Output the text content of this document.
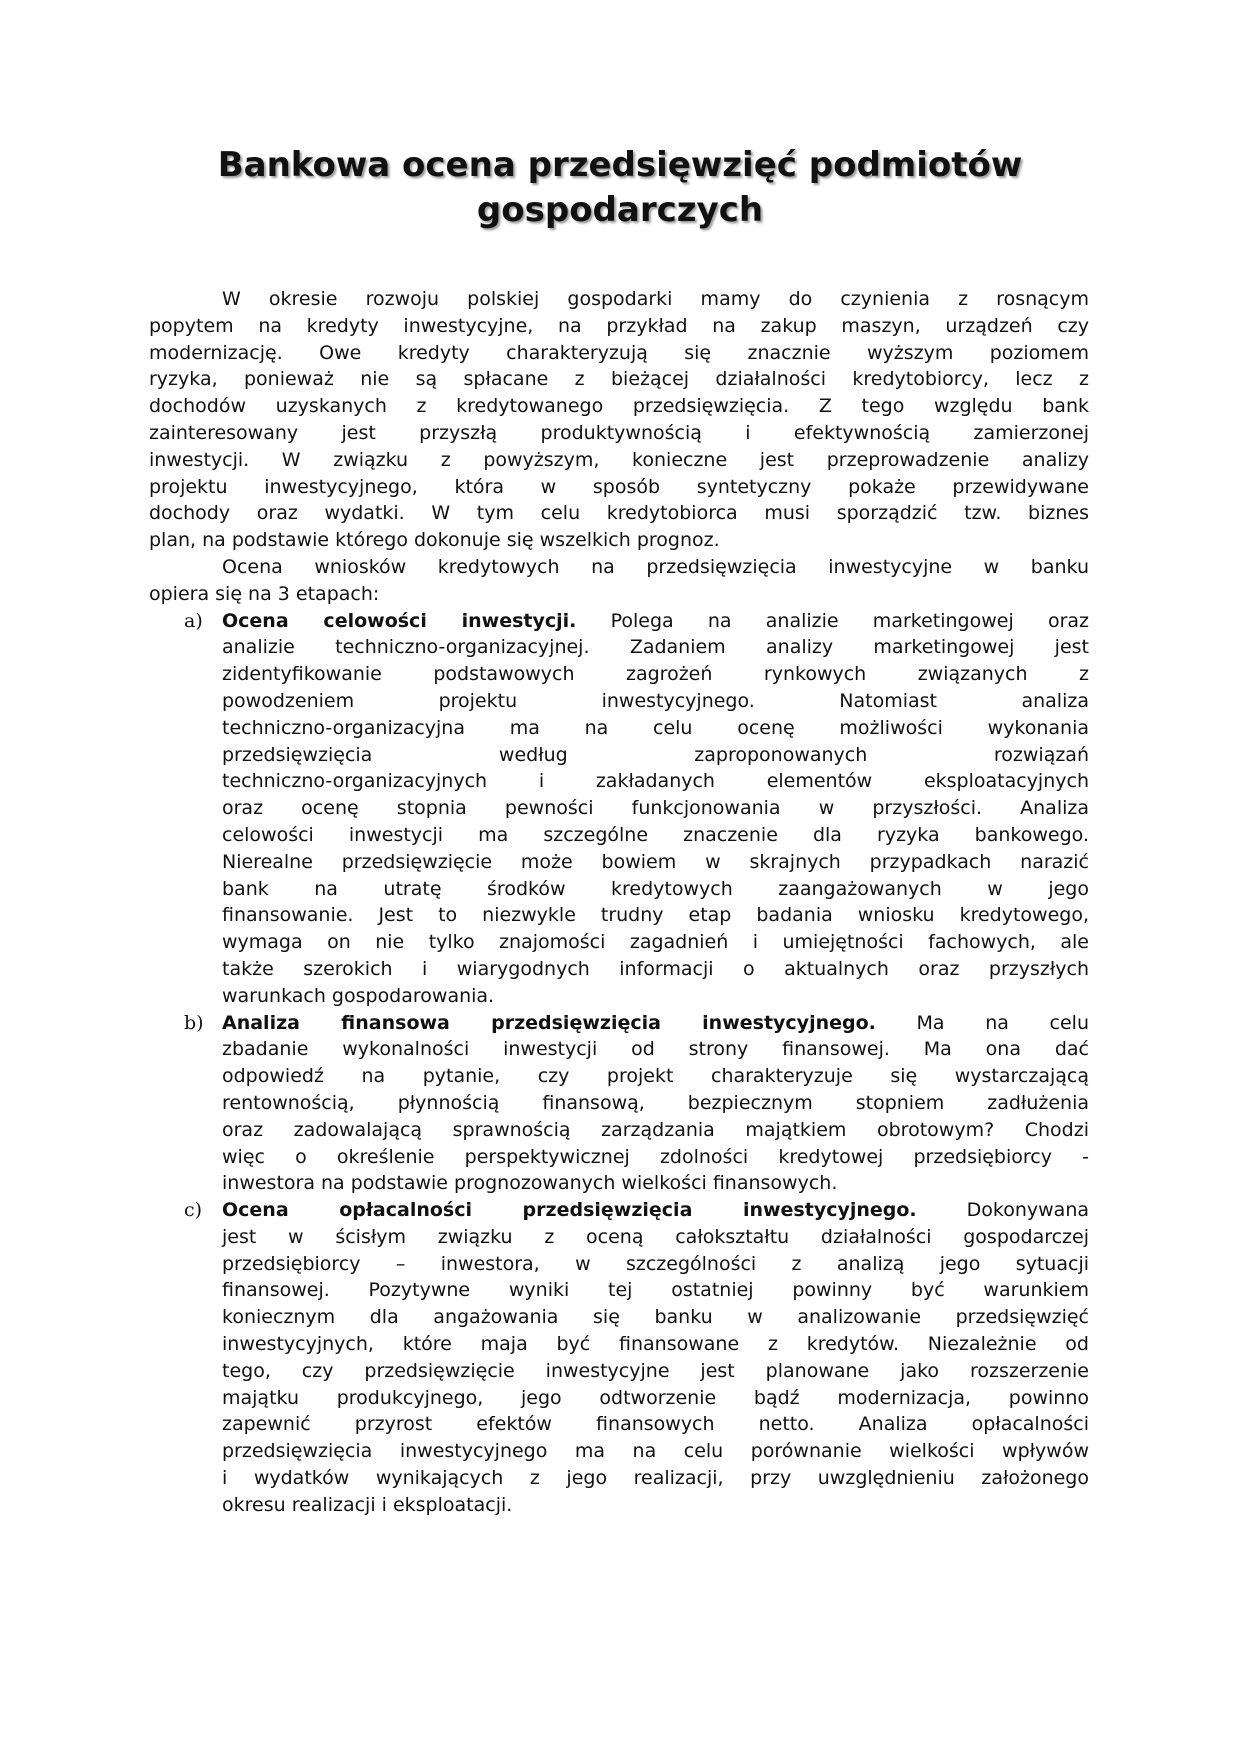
Bankowa ocena przedsięwzięć podmiotów
gospodarczych
W okresie rozwoju polskiej gospodarki mamy do czynienia z rosnącym
popytem na kredyty inwestycyjne, na przykład na zakup maszyn, urządzeń czy
modernizację. Owe kredyty charakteryzują się znacznie wyższym poziomem
ryzyka, ponieważ nie są spłacane z bieżącej działalności kredytobiorcy, lecz z
dochodów uzyskanych z kredytowanego przedsięwzięcia. Z tego względu bank
zainteresowany jest przyszłą produktywnością i efektywnością zamierzonej
inwestycji. W związku z powyższym, konieczne jest przeprowadzenie analizy
projektu inwestycyjnego, która w sposób syntetyczny pokaże przewidywane
dochody oraz wydatki. W tym celu kredytobiorca musi sporządzić tzw. biznes
plan, na podstawie którego dokonuje się wszelkich prognoz.
Ocena wniosków kredytowych na przedsięwzięcia inwestycyjne w banku
opiera się na 3 etapach:
a) Ocena celowości inwestycji. Polega na analizie marketingowej oraz
analizie techniczno-organizacyjnej. Zadaniem analizy marketingowej jest
zidentyfikowanie podstawowych zagrożeń rynkowych związanych z
powodzeniem projektu inwestycyjnego. Natomiast analiza
techniczno-organizacyjna ma na celu ocenę możliwości wykonania
przedsięwzięcia według zaproponowanych rozwiązań
techniczno-organizacyjnych i zakładanych elementów eksploatacyjnych
oraz ocenę stopnia pewności funkcjonowania w przyszłości. Analiza
celowości inwestycji ma szczególne znaczenie dla ryzyka bankowego.
Nierealne przedsięwzięcie może bowiem w skrajnych przypadkach narazić
bank na utratę środków kredytowych zaangażowanych w jego
finansowanie. Jest to niezwykle trudny etap badania wniosku kredytowego,
wymaga on nie tylko znajomości zagadnień i umiejętności fachowych, ale
także szerokich i wiarygodnych informacji o aktualnych oraz przyszłych
warunkach gospodarowania.
b) Analiza finansowa przedsięwzięcia inwestycyjnego. Ma na celu
zbadanie wykonalności inwestycji od strony finansowej. Ma ona dać
odpowiedź na pytanie, czy projekt charakteryzuje się wystarczającą
rentownością, płynnością finansową, bezpiecznym stopniem zadłużenia
oraz zadowalającą sprawnością zarządzania majątkiem obrotowym? Chodzi
więc o określenie perspektywicznej zdolności kredytowej przedsiębiorcy -
inwestora na podstawie prognozowanych wielkości finansowych.
c) Ocena opłacalności przedsięwzięcia inwestycyjnego. Dokonywana
jest w ścisłym związku z oceną całokształtu działalności gospodarczej
przedsiębiorcy – inwestora, w szczególności z analizą jego sytuacji
finansowej. Pozytywne wyniki tej ostatniej powinny być warunkiem
koniecznym dla angażowania się banku w analizowanie przedsięwzięć
inwestycyjnych, które maja być finansowane z kredytów. Niezależnie od
tego, czy przedsięwzięcie inwestycyjne jest planowane jako rozszerzenie
majątku produkcyjnego, jego odtworzenie bądź modernizacja, powinno
zapewnić przyrost efektów finansowych netto. Analiza opłacalności
przedsięwzięcia inwestycyjnego ma na celu porównanie wielkości wpływów
i wydatków wynikających z jego realizacji, przy uwzględnieniu założonego
okresu realizacji i eksploatacji.
